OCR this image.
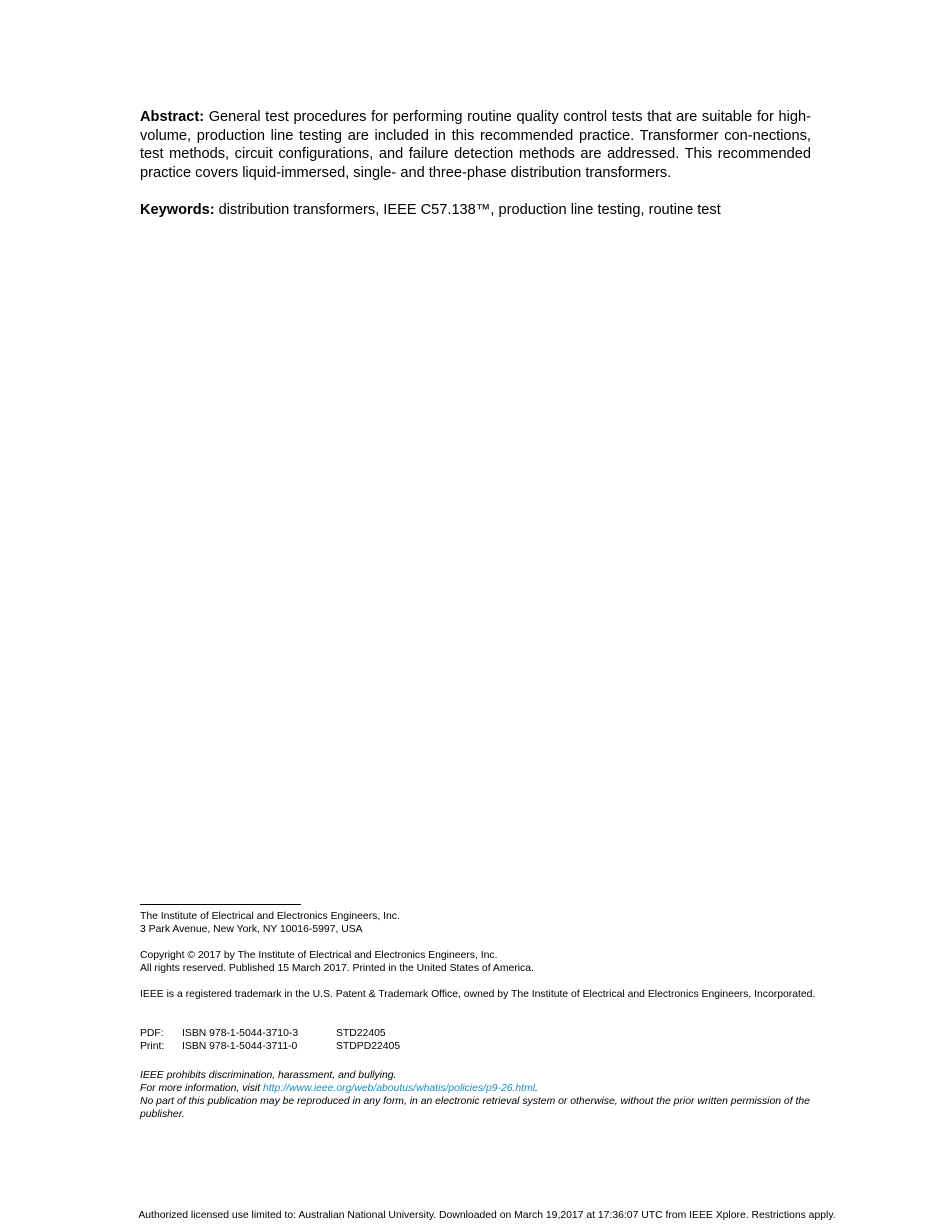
Abstract: General test procedures for performing routine quality control tests that are suitable for high-volume, production line testing are included in this recommended practice. Transformer con-nections, test methods, circuit configurations, and failure detection methods are addressed. This recommended practice covers liquid-immersed, single- and three-phase distribution transformers.
Keywords: distribution transformers, IEEE C57.138™, production line testing, routine test
The Institute of Electrical and Electronics Engineers, Inc.
3 Park Avenue, New York, NY 10016-5997, USA
Copyright © 2017 by The Institute of Electrical and Electronics Engineers, Inc.
All rights reserved. Published 15 March 2017. Printed in the United States of America.
IEEE is a registered trademark in the U.S. Patent & Trademark Office, owned by The Institute of Electrical and Electronics Engineers, Incorporated.
PDF:	ISBN 978-1-5044-3710-3	STD22405
Print:	ISBN 978-1-5044-3711-0	STDPD22405
IEEE prohibits discrimination, harassment, and bullying.
For more information, visit http://www.ieee.org/web/aboutus/whatis/policies/p9-26.html.
No part of this publication may be reproduced in any form, in an electronic retrieval system or otherwise, without the prior written permission of the publisher.
Authorized licensed use limited to: Australian National University. Downloaded on March 19,2017 at 17:36:07 UTC from IEEE Xplore. Restrictions apply.
